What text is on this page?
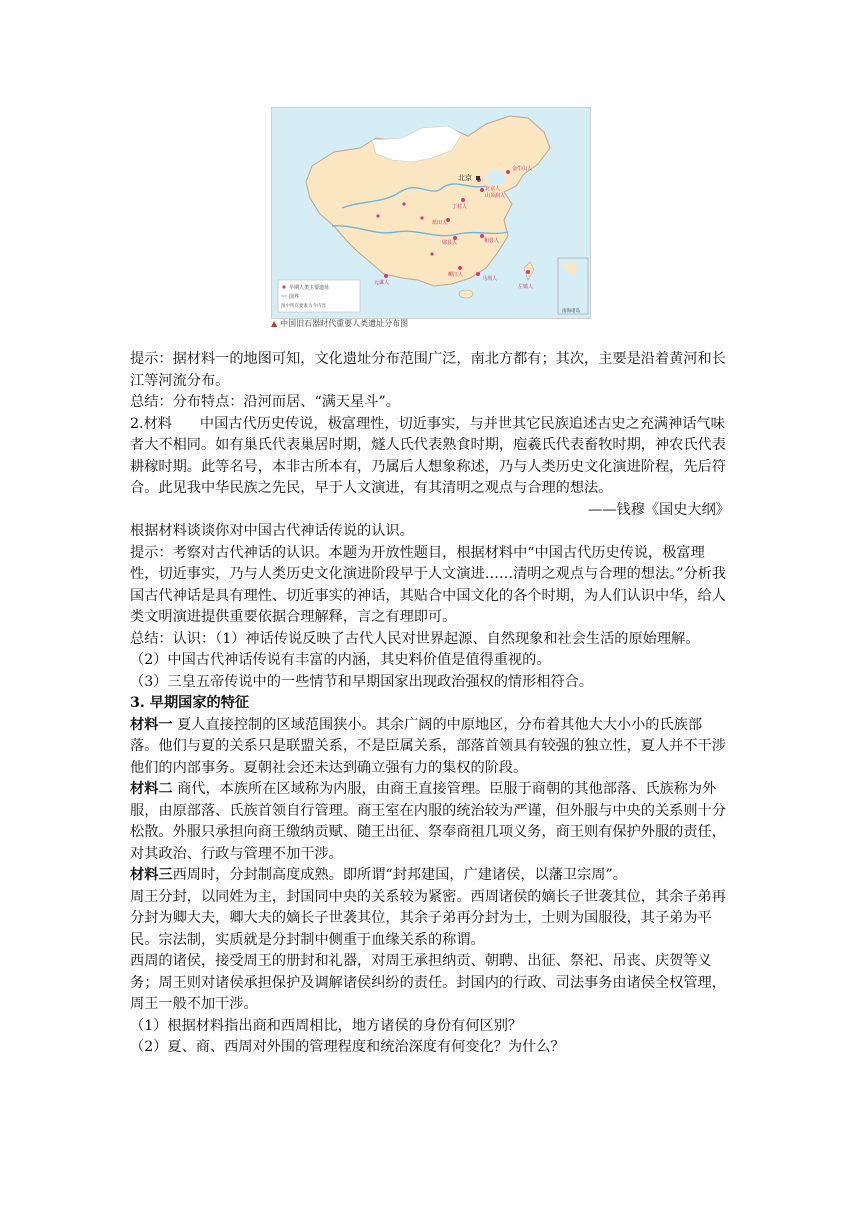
北京
金牛山人
北京人
山顶洞人
丁村人
蓝田人
郧县人
元谋人
柳江人
马坝人
和县人
左镇人
早期人类主要遗址
国界
图中所有要素为今内容
南海诸岛
▲ 中国旧石器时代重要人类遗址分布图

提示：据材料一的地图可知，文化遗址分布范围广泛，南北方都有；其次，主要是沿着黄河和长江等河流分布。

总结：分布特点：沿河而居、“满天星斗”。

2.材料 中国古代历史传说，极富理性，切近事实，与并世其它民族追述古史之充满神话气味者大不相同。如有巢氏代表巢居时期，燧人氏代表熟食时期，庖羲氏代表畜牧时期，神农氏代表耕稼时期。此等名号，本非古所本有，乃属后人想象称述，乃与人类历史文化演进阶程，先后符合。此见我中华民族之先民，早于人文演进，有其清明之观点与合理的想法。

——钱穆《国史大纲》

根据材料谈谈你对中国古代神话传说的认识。

提示：考察对古代神话的认识。本题为开放性题目，根据材料中“中国古代历史传说，极富理性，切近事实，乃与人类历史文化演进阶段早于人文演进……清明之观点与合理的想法。”分析我国古代神话是具有理性、切近事实的神话，其贴合中国文化的各个时期，为人们认识中华，给人类文明演进提供重要依据合理解释，言之有理即可。

总结：认识：（1）神话传说反映了古代人民对世界起源、自然现象和社会生活的原始理解。

（2）中国古代神话传说有丰富的内涵，其史料价值是值得重视的。

（3）三皇五帝传说中的一些情节和早期国家出现政治强权的情形相符合。

3. 早期国家的特征

材料一 夏人直接控制的区域范围狭小。其余广阔的中原地区，分布着其他大大小小的氏族部落。他们与夏的关系只是联盟关系，不是臣属关系，部落首领具有较强的独立性，夏人并不干涉他们的内部事务。夏朝社会还未达到确立强有力的集权的阶段。

材料二 商代，本族所在区域称为内服，由商王直接管理。臣服于商朝的其他部落、氏族称为外服，由原部落、氏族首领自行管理。商王室在内服的统治较为严谨，但外服与中央的关系则十分松散。外服只承担向商王缴纳贡赋、随王出征、祭奉商祖几项义务，商王则有保护外服的责任，对其政治、行政与管理不加干涉。

材料三西周时，分封制高度成熟。即所谓“封邦建国，广建诸侯，以藩卫宗周”。

周王分封，以同姓为主，封国同中央的关系较为紧密。西周诸侯的嫡长子世袭其位，其余子弟再分封为卿大夫，卿大夫的嫡长子世袭其位，其余子弟再分封为士，士则为国服役，其子弟为平民。宗法制，实质就是分封制中侧重于血缘关系的称谓。

西周的诸侯，接受周王的册封和礼器，对周王承担纳贡、朝聘、出征、祭祀、吊丧、庆贺等义务；周王则对诸侯承担保护及调解诸侯纠纷的责任。封国内的行政、司法事务由诸侯全权管理，周王一般不加干涉。

（1）根据材料指出商和西周相比，地方诸侯的身份有何区别？

（2）夏、商、西周对外围的管理程度和统治深度有何变化？为什么？
